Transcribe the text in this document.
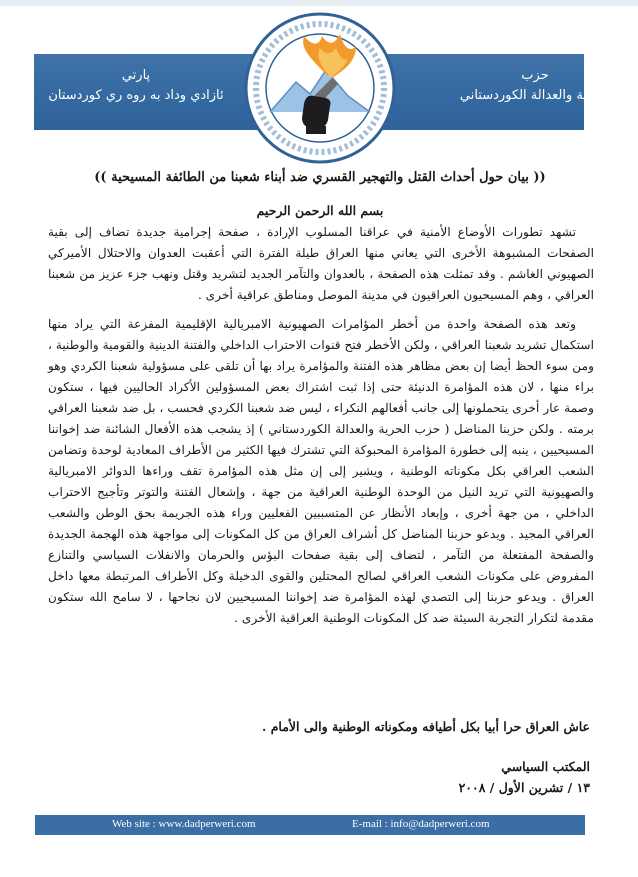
حزب
الحرية والعدالة الكوردستاني
پارتي
ئازادي وداد به روه ري كوردستان
(( بيان حول أحداث القتل والتهجير القسري ضد أبناء شعبنا من الطائفة المسيحية ))
بسم الله الرحمن الرحيم

تشهد تطورات الأوضاع الأمنية في عراقنا المسلوب الإرادة ، صفحة إجرامية جديدة تضاف إلى بقية الصفحات المشبوهة الأخرى التي يعاني منها العراق طيلة الفترة التي أعقبت العدوان والاحتلال الأميركي الصهيوني الغاشم . وقد تمثلت هذه الصفحة ، بالعدوان والتآمر الجديد لتشريد وقتل ونهب جزء عزيز من شعبنا العراقي ، وهم المسيحيون العراقيون في مدينة الموصل ومناطق عراقية أخرى .

وتعد هذه الصفحة واحدة من أخطر المؤامرات الصهيونية الامبريالية الإقليمية المفزعة التي يراد منها استكمال تشريد شعبنا العراقي ، ولكن الأخطر فتح قنوات الاحتراب الداخلي والفتنة الدينية والقومية والوطنية ، ومن سوء الحظ أيضا إن بعض مظاهر هذه الفتنة والمؤامرة يراد بها أن تلقى على مسؤولية شعبنا الكردي وهو براء منها ، لان هذه المؤامرة الدنيئة حتى إذا ثبت اشتراك بعض المسؤولين الأكراد الحاليين فيها ، ستكون وصمة عار أخرى يتحملونها إلى جانب أفعالهم النكراء ، ليس ضد شعبنا الكردي فحسب ، بل ضد شعبنا العراقي برمته . ولكن حزبنا المناضل ( حزب الحرية والعدالة الكوردستاني ) إذ يشجب هذه الأفعال الشائنة ضد إخواننا المسيحيين ، ينبه إلى خطورة المؤامرة المحبوكة التي تشترك فيها الكثير من الأطراف المعادية لوحدة وتضامن الشعب العراقي بكل مكوناته الوطنية ، ويشير إلى إن مثل هذه المؤامرة تقف وراءها الدوائر الامبريالية والصهيونية التي تريد النيل من الوحدة الوطنية العراقية من جهة ، وإشعال الفتنة والتوتر وتأجيج الاحتراب الداخلي ، من جهة أخرى ، وإبعاد الأنظار عن المتسببين الفعليين وراء هذه الجريمة بحق الوطن والشعب العراقي المجيد . ويدعو حزبنا المناضل كل أشراف العراق من كل المكونات إلى مواجهة هذه الهجمة الجديدة والصفحة المفتعلة من التآمر ، لتضاف إلى بقية صفحات البؤس والحرمان والانفلات السياسي والتنازع المفروض على مكونات الشعب العراقي لصالح المحتلين والقوى الدخيلة وكل الأطراف المرتبطة معها داخل العراق . ويدعو حزبنا إلى التصدي لهذه المؤامرة ضد إخواننا المسيحيين لان نجاحها ، لا سامح الله ستكون مقدمة لتكرار التجربة السيئة ضد كل المكونات الوطنية العراقية الأخرى .

عاش العراق حرا أبيا بكل أطيافه ومكوناته الوطنية والى الأمام .
المكتب السياسي
١٣ / تشرين الأول / ٢٠٠٨
Web site : www.dadperweri.com	E-mail : info@dadperweri.com
